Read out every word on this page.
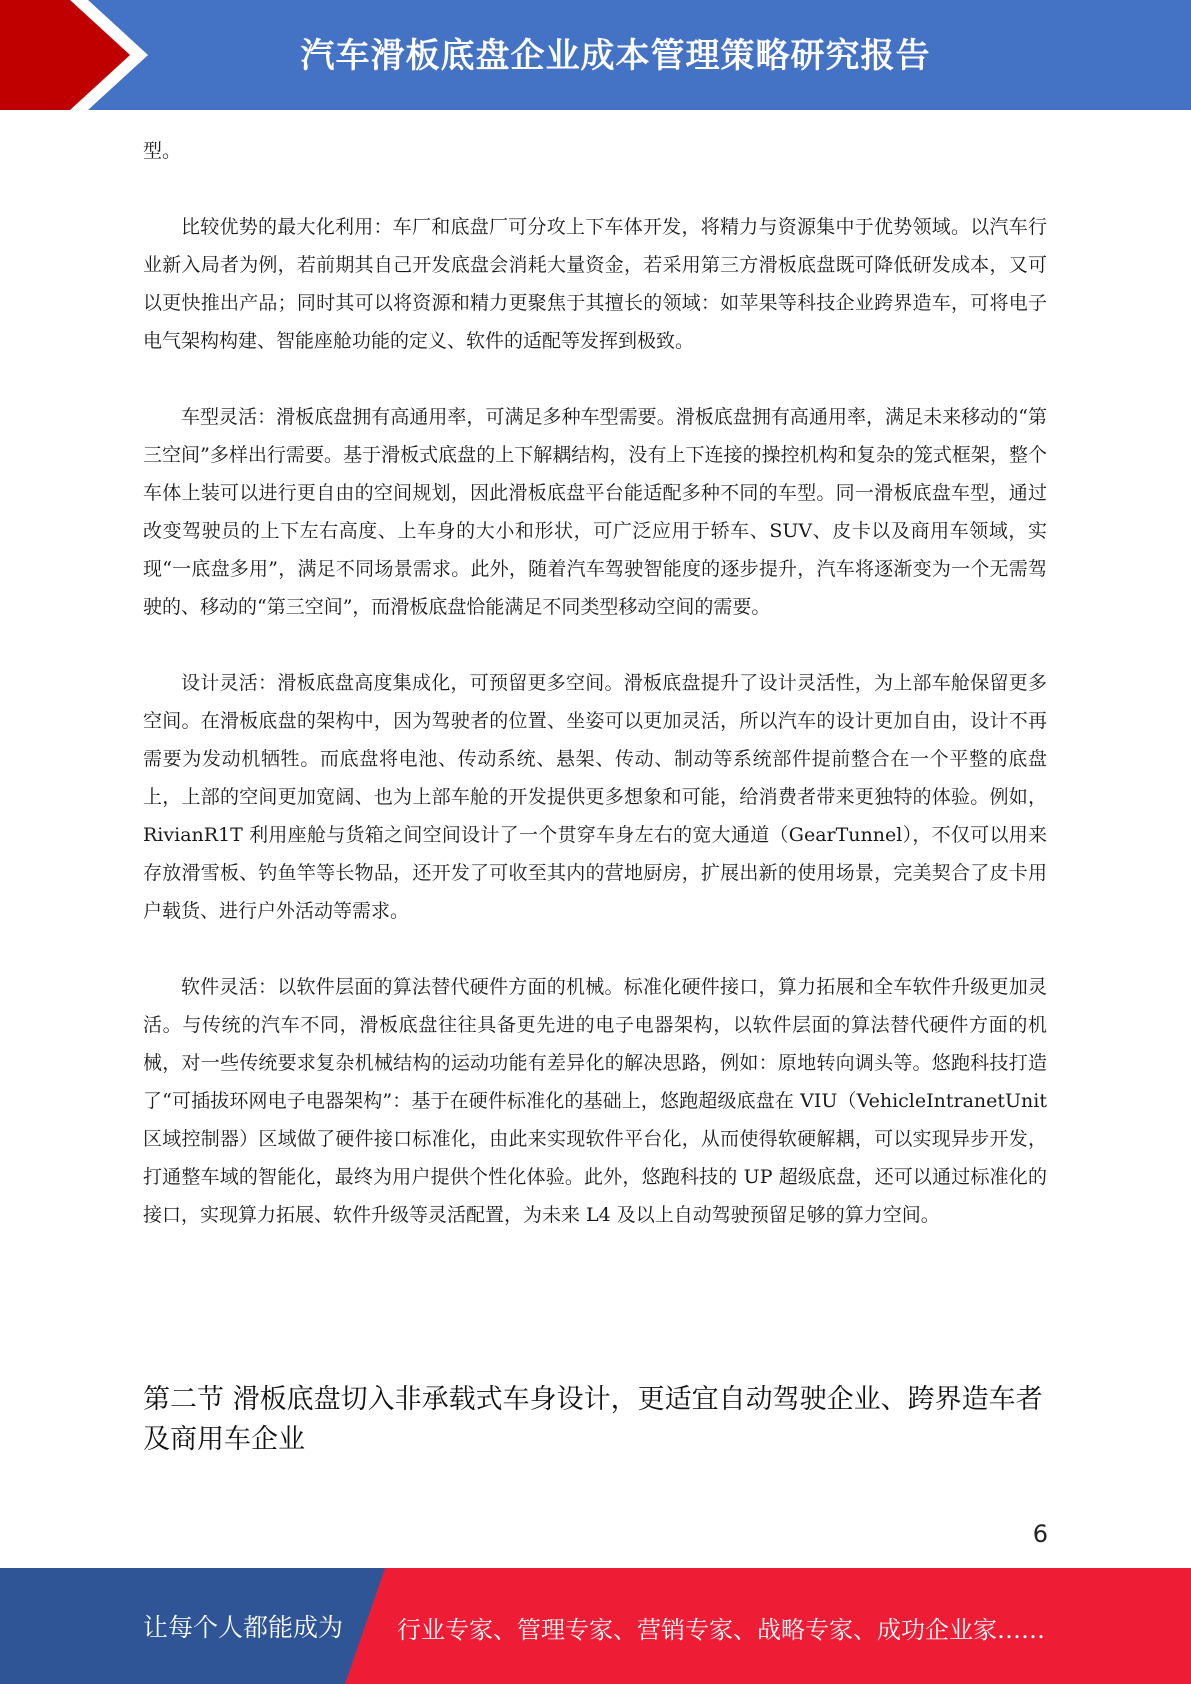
汽车滑板底盘企业成本管理策略研究报告

型。

比较优势的最大化利用：车厂和底盘厂可分攻上下车体开发，将精力与资源集中于优势领域。以汽车行业新入局者为例，若前期其自己开发底盘会消耗大量资金，若采用第三方滑板底盘既可降低研发成本，又可以更快推出产品；同时其可以将资源和精力更聚焦于其擅长的领域：如苹果等科技企业跨界造车，可将电子电气架构构建、智能座舱功能的定义、软件的适配等发挥到极致。

车型灵活：滑板底盘拥有高通用率，可满足多种车型需要。滑板底盘拥有高通用率，满足未来移动的“第三空间”多样出行需要。基于滑板式底盘的上下解耦结构，没有上下连接的操控机构和复杂的笼式框架，整个车体上装可以进行更自由的空间规划，因此滑板底盘平台能适配多种不同的车型。同一滑板底盘车型，通过改变驾驶员的上下左右高度、上车身的大小和形状，可广泛应用于轿车、SUV、皮卡以及商用车领域，实现“一底盘多用”，满足不同场景需求。此外，随着汽车驾驶智能度的逐步提升，汽车将逐渐变为一个无需驾驶的、移动的“第三空间”，而滑板底盘恰能满足不同类型移动空间的需要。

设计灵活：滑板底盘高度集成化，可预留更多空间。滑板底盘提升了设计灵活性，为上部车舱保留更多空间。在滑板底盘的架构中，因为驾驶者的位置、坐姿可以更加灵活，所以汽车的设计更加自由，设计不再需要为发动机牺牲。而底盘将电池、传动系统、悬架、传动、制动等系统部件提前整合在一个平整的底盘上，上部的空间更加宽阔、也为上部车舱的开发提供更多想象和可能，给消费者带来更独特的体验。例如，RivianR1T 利用座舱与货箱之间空间设计了一个贯穿车身左右的宽大通道（GearTunnel），不仅可以用来存放滑雪板、钓鱼竿等长物品，还开发了可收至其内的营地厨房，扩展出新的使用场景，完美契合了皮卡用户载货、进行户外活动等需求。

软件灵活：以软件层面的算法替代硬件方面的机械。标准化硬件接口，算力拓展和全车软件升级更加灵活。与传统的汽车不同，滑板底盘往往具备更先进的电子电器架构，以软件层面的算法替代硬件方面的机械，对一些传统要求复杂机械结构的运动功能有差异化的解决思路，例如：原地转向调头等。悠跑科技打造了“可插拔环网电子电器架构”：基于在硬件标准化的基础上，悠跑超级底盘在 VIU（VehicleIntranetUnit 区域控制器）区域做了硬件接口标准化，由此来实现软件平台化，从而使得软硬解耦，可以实现异步开发，打通整车域的智能化，最终为用户提供个性化体验。此外，悠跑科技的 UP 超级底盘，还可以通过标准化的接口，实现算力拓展、软件升级等灵活配置，为未来 L4 及以上自动驾驶预留足够的算力空间。

第二节 滑板底盘切入非承载式车身设计，更适宜自动驾驶企业、跨界造车者及商用车企业
6
让每个人都能成为 行业专家、管理专家、营销专家、战略专家、成功企业家……
